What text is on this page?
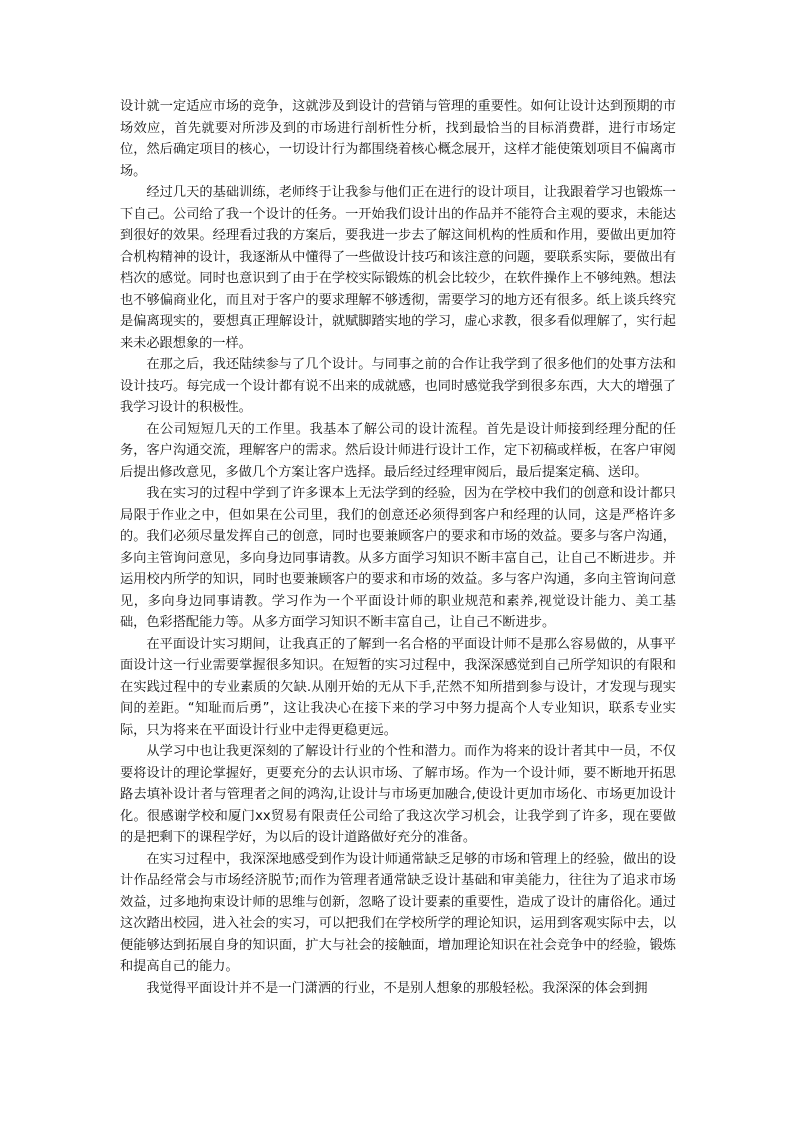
设计就一定适应市场的竞争，这就涉及到设计的营销与管理的重要性。如何让设计达到预期的市场效应，首先就要对所涉及到的市场进行剖析性分析，找到最恰当的目标消费群，进行市场定位，然后确定项目的核心，一切设计行为都围绕着核心概念展开，这样才能使策划项目不偏离市场。

经过几天的基础训练，老师终于让我参与他们正在进行的设计项目，让我跟着学习也锻炼一下自己。公司给了我一个设计的任务。一开始我们设计出的作品并不能符合主观的要求，未能达到很好的效果。经理看过我的方案后，要我进一步去了解这间机构的性质和作用，要做出更加符合机构精神的设计，我逐渐从中懂得了一些做设计技巧和该注意的问题，要联系实际，要做出有档次的感觉。同时也意识到了由于在学校实际锻炼的机会比较少，在软件操作上不够纯熟。想法也不够偏商业化，而且对于客户的要求理解不够透彻，需要学习的地方还有很多。纸上谈兵终究是偏离现实的，要想真正理解设计，就赋脚踏实地的学习，虚心求教，很多看似理解了，实行起来未必跟想象的一样。

在那之后，我还陆续参与了几个设计。与同事之前的合作让我学到了很多他们的处事方法和设计技巧。每完成一个设计都有说不出来的成就感，也同时感觉我学到很多东西，大大的增强了我学习设计的积极性。

在公司短短几天的工作里。我基本了解公司的设计流程。首先是设计师接到经理分配的任务，客户沟通交流，理解客户的需求。然后设计师进行设计工作，定下初稿或样板，在客户审阅后提出修改意见，多做几个方案让客户选择。最后经过经理审阅后，最后提案定稿、送印。

我在实习的过程中学到了许多课本上无法学到的经验，因为在学校中我们的创意和设计都只局限于作业之中，但如果在公司里，我们的创意还必须得到客户和经理的认同，这是严格许多的。我们必须尽量发挥自己的创意，同时也要兼顾客户的要求和市场的效益。要多与客户沟通，多向主管询问意见，多向身边同事请教。从多方面学习知识不断丰富自己，让自己不断进步。并运用校内所学的知识，同时也要兼顾客户的要求和市场的效益。多与客户沟通，多向主管询问意见，多向身边同事请教。学习作为一个平面设计师的职业规范和素养,视觉设计能力、美工基础，色彩搭配能力等。从多方面学习知识不断丰富自己，让自己不断进步。

在平面设计实习期间，让我真正的了解到一名合格的平面设计师不是那么容易做的，从事平面设计这一行业需要掌握很多知识。在短暂的实习过程中，我深深感觉到自己所学知识的有限和在实践过程中的专业素质的欠缺.从刚开始的无从下手,茫然不知所措到参与设计，才发现与现实间的差距。“知耻而后勇”，这让我决心在接下来的学习中努力提高个人专业知识，联系专业实际，只为将来在平面设计行业中走得更稳更远。

从学习中也让我更深刻的了解设计行业的个性和潜力。而作为将来的设计者其中一员，不仅要将设计的理论掌握好，更要充分的去认识市场、了解市场。作为一个设计师，要不断地开拓思路去填补设计者与管理者之间的鸿沟,让设计与市场更加融合,使设计更加市场化、市场更加设计化。很感谢学校和厦门xx贸易有限责任公司给了我这次学习机会，让我学到了许多，现在要做的是把剩下的课程学好，为以后的设计道路做好充分的准备。

在实习过程中，我深深地感受到作为设计师通常缺乏足够的市场和管理上的经验，做出的设计作品经常会与市场经济脱节;而作为管理者通常缺乏设计基础和审美能力，往往为了追求市场效益，过多地拘束设计师的思维与创新，忽略了设计要素的重要性，造成了设计的庸俗化。通过这次踏出校园，进入社会的实习，可以把我们在学校所学的理论知识，运用到客观实际中去，以便能够达到拓展自身的知识面，扩大与社会的接触面，增加理论知识在社会竞争中的经验，锻炼和提高自己的能力。

我觉得平面设计并不是一门潇洒的行业，不是别人想象的那般轻松。我深深的体会到拥
